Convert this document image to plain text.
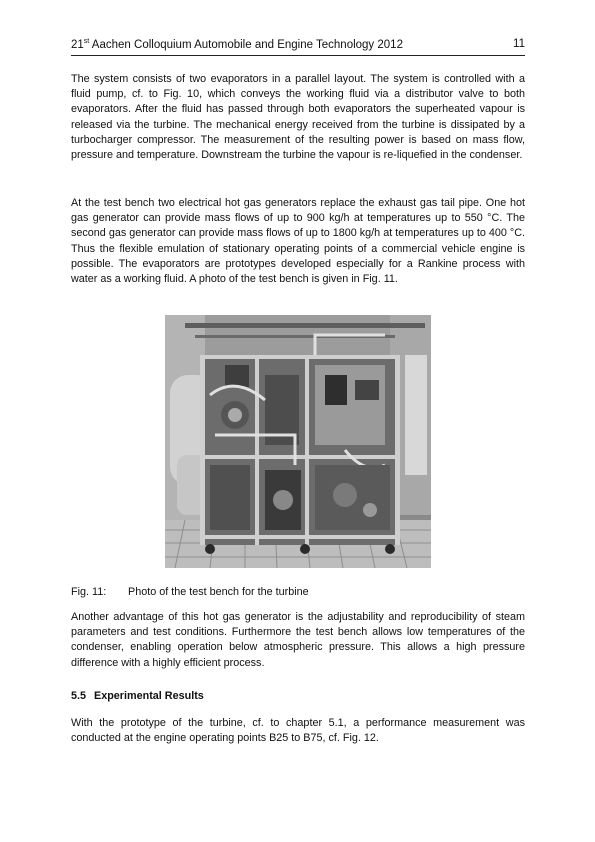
21st Aachen Colloquium Automobile and Engine Technology 2012	11

The system consists of two evaporators in a parallel layout. The system is controlled with a fluid pump, cf. to Fig. 10, which conveys the working fluid via a distributor valve to both evaporators. After the fluid has passed through both evaporators the superheated vapour is released via the turbine. The mechanical energy received from the turbine is dissipated by a turbocharger compressor. The measurement of the resulting power is based on mass flow, pressure and temperature. Downstream the turbine the vapour is re-liquefied in the condenser.

At the test bench two electrical hot gas generators replace the exhaust gas tail pipe. One hot gas generator can provide mass flows of up to 900 kg/h at temperatures up to 550 °C. The second gas generator can provide mass flows of up to 1800 kg/h at temperatures up to 400 °C. Thus the flexible emulation of stationary operating points of a commercial vehicle engine is possible. The evaporators are prototypes developed especially for a Rankine process with water as a working fluid. A photo of the test bench is given in Fig. 11.

Fig. 11: Photo of the test bench for the turbine

Another advantage of this hot gas generator is the adjustability and reproducibility of steam parameters and test conditions. Furthermore the test bench allows low temperatures of the condenser, enabling operation below atmospheric pressure. This allows a high pressure difference with a highly efficient process.

5.5 Experimental Results

With the prototype of the turbine, cf. to chapter 5.1, a performance measurement was conducted at the engine operating points B25 to B75, cf. Fig. 12.
